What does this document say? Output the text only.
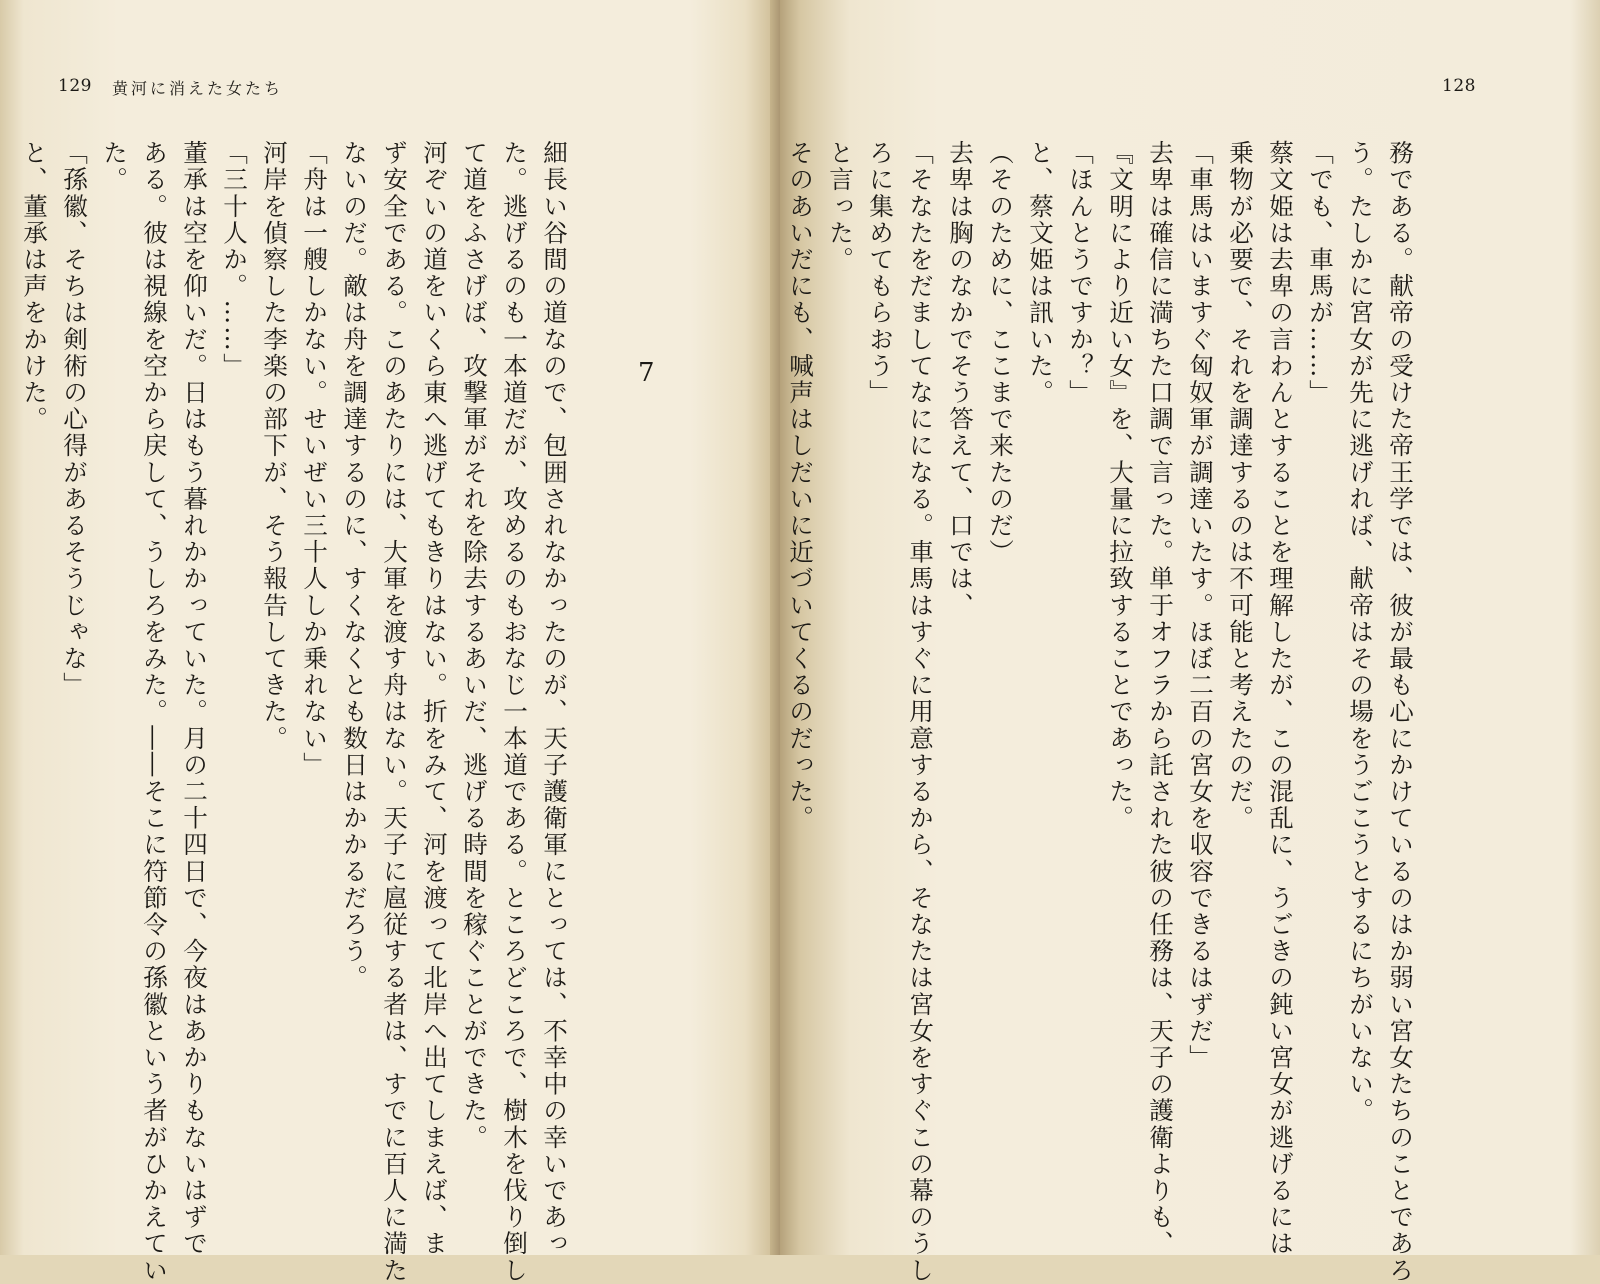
129 黄河に消えた女たち
7
細長い谷間の道なので、包囲されなかったのが、天子護衛軍にとっては、不幸中の幸いであっ
た。逃げるのも一本道だが、攻めるのもおなじ一本道である。ところどころで、樹木を伐り倒し
て道をふさげば、攻撃軍がそれを除去するあいだ、逃げる時間を稼ぐことができた。
河ぞいの道をいくら東へ逃げてもきりはない。折をみて、河を渡って北岸へ出てしまえば、ま
ず安全である。このあたりには、大軍を渡す舟はない。天子に扈従する者は、すでに百人に満た
ないのだ。敵は舟を調達するのに、すくなくとも数日はかかるだろう。
「舟は一艘しかない。せいぜい三十人しか乗れない」
河岸を偵察した李楽の部下が、そう報告してきた。
「三十人か。……」
董承は空を仰いだ。日はもう暮れかかっていた。月の二十四日で、今夜はあかりもないはずで
ある。彼は視線を空から戻して、うしろをみた。――そこに符節令の孫徽という者がひかえてい
た。
「孫徽、そちは剣術の心得があるそうじゃな」
と、董承は声をかけた。
128
務である。献帝の受けた帝王学では、彼が最も心にかけているのはか弱い宮女たちのことであろ
う。たしかに宮女が先に逃げれば、献帝はその場をうごこうとするにちがいない。
「でも、車馬が……」
蔡文姫は去卑の言わんとすることを理解したが、この混乱に、うごきの鈍い宮女が逃げるには
乗物が必要で、それを調達するのは不可能と考えたのだ。
「車馬はいますぐ匈奴軍が調達いたす。ほぼ二百の宮女を収容できるはずだ」
去卑は確信に満ちた口調で言った。単于オフラから託された彼の任務は、天子の護衛よりも、
『文明により近い女』を、大量に拉致することであった。
「ほんとうですか？」
と、蔡文姫は訊いた。
（そのために、ここまで来たのだ）
去卑は胸のなかでそう答えて、口では、
「そなたをだましてなにになる。車馬はすぐに用意するから、そなたは宮女をすぐこの幕のうし
ろに集めてもらおう」
と言った。
そのあいだにも、喊声はしだいに近づいてくるのだった。
